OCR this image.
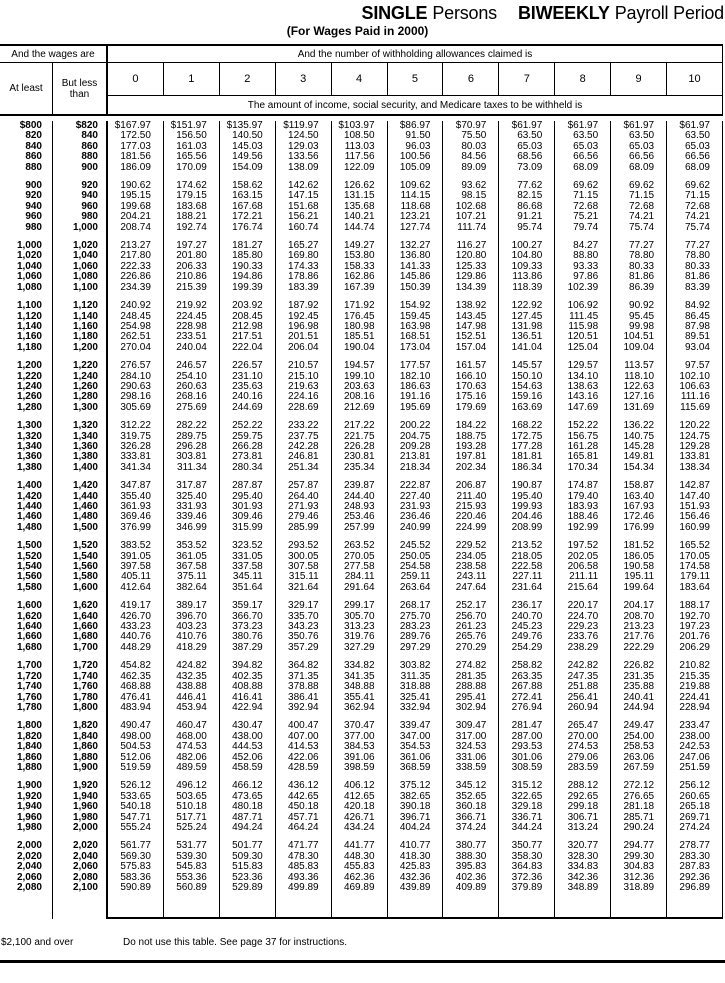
SINGLE Persons BIWEEKLY Payroll Period
(For Wages Paid in 2000)
And the wages are	And the number of withholding allowances claimed is
At least	But less than
0	1	2	3	4	5	6	7	8	9	10
The amount of income, social security, and Medicare taxes to be withheld is
$800	$820	$167.97	$151.97	$135.97	$119.97	$103.97	$86.97	$70.97	$61.97	$61.97	$61.97	$61.97
820	840	172.50	156.50	140.50	124.50	108.50	91.50	75.50	63.50	63.50	63.50	63.50
840	860	177.03	161.03	145.03	129.03	113.03	96.03	80.03	65.03	65.03	65.03	65.03
860	880	181.56	165.56	149.56	133.56	117.56	100.56	84.56	68.56	66.56	66.56	66.56
880	900	186.09	170.09	154.09	138.09	122.09	105.09	89.09	73.09	68.09	68.09	68.09
900	920	190.62	174.62	158.62	142.62	126.62	109.62	93.62	77.62	69.62	69.62	69.62
920	940	195.15	179.15	163.15	147.15	131.15	114.15	98.15	82.15	71.15	71.15	71.15
940	960	199.68	183.68	167.68	151.68	135.68	118.68	102.68	86.68	72.68	72.68	72.68
960	980	204.21	188.21	172.21	156.21	140.21	123.21	107.21	91.21	75.21	74.21	74.21
980	1,000	208.74	192.74	176.74	160.74	144.74	127.74	111.74	95.74	79.74	75.74	75.74
1,000	1,020	213.27	197.27	181.27	165.27	149.27	132.27	116.27	100.27	84.27	77.27	77.27
1,020	1,040	217.80	201.80	185.80	169.80	153.80	136.80	120.80	104.80	88.80	78.80	78.80
1,040	1,060	222.33	206.33	190.33	174.33	158.33	141.33	125.33	109.33	93.33	80.33	80.33
1,060	1,080	226.86	210.86	194.86	178.86	162.86	145.86	129.86	113.86	97.86	81.86	81.86
1,080	1,100	234.39	215.39	199.39	183.39	167.39	150.39	134.39	118.39	102.39	86.39	83.39
1,100	1,120	240.92	219.92	203.92	187.92	171.92	154.92	138.92	122.92	106.92	90.92	84.92
1,120	1,140	248.45	224.45	208.45	192.45	176.45	159.45	143.45	127.45	111.45	95.45	86.45
1,140	1,160	254.98	228.98	212.98	196.98	180.98	163.98	147.98	131.98	115.98	99.98	87.98
1,160	1,180	262.51	233.51	217.51	201.51	185.51	168.51	152.51	136.51	120.51	104.51	89.51
1,180	1,200	270.04	240.04	222.04	206.04	190.04	173.04	157.04	141.04	125.04	109.04	93.04
1,200	1,220	276.57	246.57	226.57	210.57	194.57	177.57	161.57	145.57	129.57	113.57	97.57
1,220	1,240	284.10	254.10	231.10	215.10	199.10	182.10	166.10	150.10	134.10	118.10	102.10
1,240	1,260	290.63	260.63	235.63	219.63	203.63	186.63	170.63	154.63	138.63	122.63	106.63
1,260	1,280	298.16	268.16	240.16	224.16	208.16	191.16	175.16	159.16	143.16	127.16	111.16
1,280	1,300	305.69	275.69	244.69	228.69	212.69	195.69	179.69	163.69	147.69	131.69	115.69
1,300	1,320	312.22	282.22	252.22	233.22	217.22	200.22	184.22	168.22	152.22	136.22	120.22
1,320	1,340	319.75	289.75	259.75	237.75	221.75	204.75	188.75	172.75	156.75	140.75	124.75
1,340	1,360	326.28	296.28	266.28	242.28	226.28	209.28	193.28	177.28	161.28	145.28	129.28
1,360	1,380	333.81	303.81	273.81	246.81	230.81	213.81	197.81	181.81	165.81	149.81	133.81
1,380	1,400	341.34	311.34	280.34	251.34	235.34	218.34	202.34	186.34	170.34	154.34	138.34
1,400	1,420	347.87	317.87	287.87	257.87	239.87	222.87	206.87	190.87	174.87	158.87	142.87
1,420	1,440	355.40	325.40	295.40	264.40	244.40	227.40	211.40	195.40	179.40	163.40	147.40
1,440	1,460	361.93	331.93	301.93	271.93	248.93	231.93	215.93	199.93	183.93	167.93	151.93
1,460	1,480	369.46	339.46	309.46	279.46	253.46	236.46	220.46	204.46	188.46	172.46	156.46
1,480	1,500	376.99	346.99	315.99	285.99	257.99	240.99	224.99	208.99	192.99	176.99	160.99
1,500	1,520	383.52	353.52	323.52	293.52	263.52	245.52	229.52	213.52	197.52	181.52	165.52
1,520	1,540	391.05	361.05	331.05	300.05	270.05	250.05	234.05	218.05	202.05	186.05	170.05
1,540	1,560	397.58	367.58	337.58	307.58	277.58	254.58	238.58	222.58	206.58	190.58	174.58
1,560	1,580	405.11	375.11	345.11	315.11	284.11	259.11	243.11	227.11	211.11	195.11	179.11
1,580	1,600	412.64	382.64	351.64	321.64	291.64	263.64	247.64	231.64	215.64	199.64	183.64
1,600	1,620	419.17	389.17	359.17	329.17	299.17	268.17	252.17	236.17	220.17	204.17	188.17
1,620	1,640	426.70	396.70	366.70	335.70	305.70	275.70	256.70	240.70	224.70	208.70	192.70
1,640	1,660	433.23	403.23	373.23	343.23	313.23	283.23	261.23	245.23	229.23	213.23	197.23
1,660	1,680	440.76	410.76	380.76	350.76	319.76	289.76	265.76	249.76	233.76	217.76	201.76
1,680	1,700	448.29	418.29	387.29	357.29	327.29	297.29	270.29	254.29	238.29	222.29	206.29
1,700	1,720	454.82	424.82	394.82	364.82	334.82	303.82	274.82	258.82	242.82	226.82	210.82
1,720	1,740	462.35	432.35	402.35	371.35	341.35	311.35	281.35	263.35	247.35	231.35	215.35
1,740	1,760	468.88	438.88	408.88	378.88	348.88	318.88	288.88	267.88	251.88	235.88	219.88
1,760	1,780	476.41	446.41	416.41	386.41	355.41	325.41	295.41	272.41	256.41	240.41	224.41
1,780	1,800	483.94	453.94	422.94	392.94	362.94	332.94	302.94	276.94	260.94	244.94	228.94
1,800	1,820	490.47	460.47	430.47	400.47	370.47	339.47	309.47	281.47	265.47	249.47	233.47
1,820	1,840	498.00	468.00	438.00	407.00	377.00	347.00	317.00	287.00	270.00	254.00	238.00
1,840	1,860	504.53	474.53	444.53	414.53	384.53	354.53	324.53	293.53	274.53	258.53	242.53
1,860	1,880	512.06	482.06	452.06	422.06	391.06	361.06	331.06	301.06	279.06	263.06	247.06
1,880	1,900	519.59	489.59	458.59	428.59	398.59	368.59	338.59	308.59	283.59	267.59	251.59
1,900	1,920	526.12	496.12	466.12	436.12	406.12	375.12	345.12	315.12	288.12	272.12	256.12
1,920	1,940	533.65	503.65	473.65	442.65	412.65	382.65	352.65	322.65	292.65	276.65	260.65
1,940	1,960	540.18	510.18	480.18	450.18	420.18	390.18	360.18	329.18	299.18	281.18	265.18
1,960	1,980	547.71	517.71	487.71	457.71	426.71	396.71	366.71	336.71	306.71	285.71	269.71
1,980	2,000	555.24	525.24	494.24	464.24	434.24	404.24	374.24	344.24	313.24	290.24	274.24
2,000	2,020	561.77	531.77	501.77	471.77	441.77	410.77	380.77	350.77	320.77	294.77	278.77
2,020	2,040	569.30	539.30	509.30	478.30	448.30	418.30	388.30	358.30	328.30	299.30	283.30
2,040	2,060	575.83	545.83	515.83	485.83	455.83	425.83	395.83	364.83	334.83	304.83	287.83
2,060	2,080	583.36	553.36	523.36	493.36	462.36	432.36	402.36	372.36	342.36	312.36	292.36
2,080	2,100	590.89	560.89	529.89	499.89	469.89	439.89	409.89	379.89	348.89	318.89	296.89
$2,100 and over	Do not use this table. See page 37 for instructions.
